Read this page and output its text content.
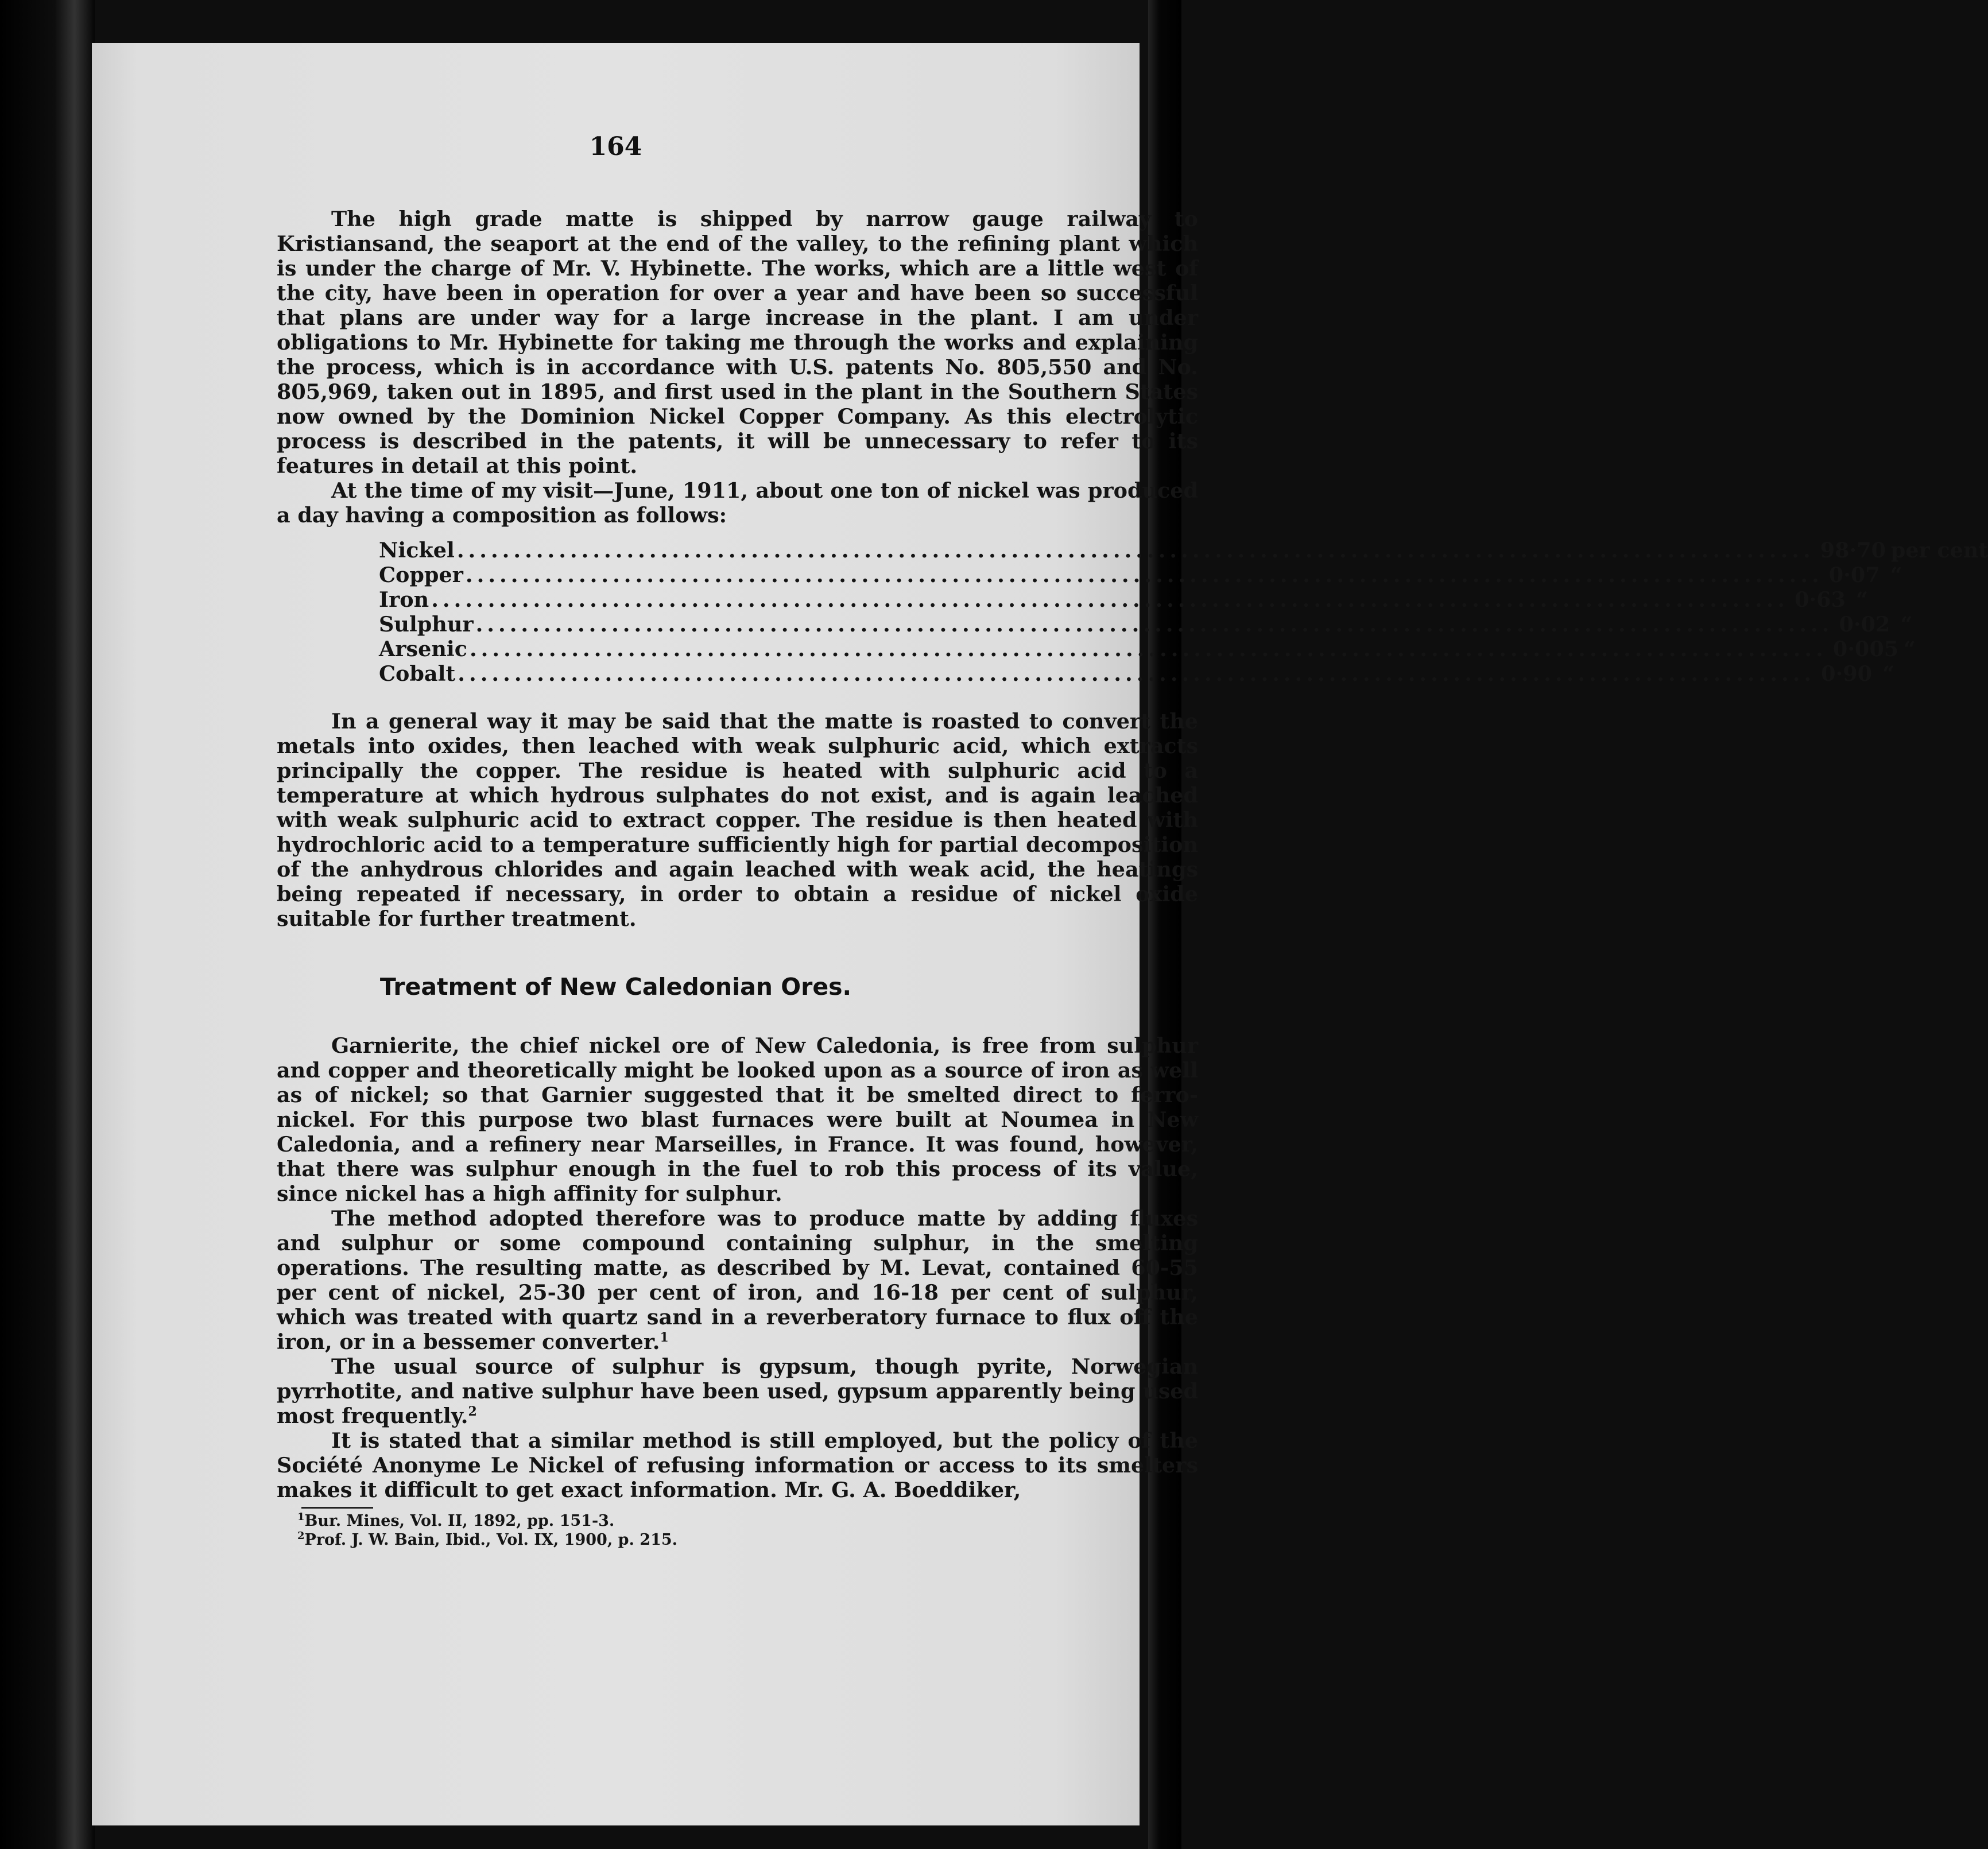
164

The high grade matte is shipped by narrow gauge railway to Kristiansand, the seaport at the end of the valley, to the refining plant which is under the charge of Mr. V. Hybinette. The works, which are a little west of the city, have been in operation for over a year and have been so successful that plans are under way for a large increase in the plant. I am under obligations to Mr. Hybinette for taking me through the works and explaining the process, which is in accordance with U.S. patents No. 805,550 and No. 805,969, taken out in 1895, and first used in the plant in the Southern States now owned by the Dominion Nickel Copper Company. As this electrolytic process is described in the patents, it will be unnecessary to refer to its features in detail at this point.

At the time of my visit—June, 1911, about one ton of nickel was produced a day having a composition as follows:

Nickel ........................................................................................................................ 98·70 per cent
Copper ........................................................................................................................ 0·07 “
Iron ........................................................................................................................ 0·63 “
Sulphur ........................................................................................................................ 0·02 “
Arsenic ........................................................................................................................ 0·005 “
Cobalt ........................................................................................................................ 0·90 “

In a general way it may be said that the matte is roasted to convert the metals into oxides, then leached with weak sulphuric acid, which extracts principally the copper. The residue is heated with sulphuric acid to a temperature at which hydrous sulphates do not exist, and is again leached with weak sulphuric acid to extract copper. The residue is then heated with hydrochloric acid to a temperature sufficiently high for partial decomposition of the anhydrous chlorides and again leached with weak acid, the heatings being repeated if necessary, in order to obtain a residue of nickel oxide suitable for further treatment.

Treatment of New Caledonian Ores.

Garnierite, the chief nickel ore of New Caledonia, is free from sulphur and copper and theoretically might be looked upon as a source of iron as well as of nickel; so that Garnier suggested that it be smelted direct to ferro-nickel. For this purpose two blast furnaces were built at Noumea in New Caledonia, and a refinery near Marseilles, in France. It was found, however, that there was sulphur enough in the fuel to rob this process of its value, since nickel has a high affinity for sulphur.

The method adopted therefore was to produce matte by adding fluxes and sulphur or some compound containing sulphur, in the smelting operations. The resulting matte, as described by M. Levat, contained 60-55 per cent of nickel, 25-30 per cent of iron, and 16-18 per cent of sulphur, which was treated with quartz sand in a reverberatory furnace to flux off the iron, or in a bessemer converter.$^1$

The usual source of sulphur is gypsum, though pyrite, Norwegian pyrrhotite, and native sulphur have been used, gypsum apparently being used most frequently.$^2$

It is stated that a similar method is still employed, but the policy of the Société Anonyme Le Nickel of refusing information or access to its smelters makes it difficult to get exact information. Mr. G. A. Boeddiker,

$^1$Bur. Mines, Vol. II, 1892, pp. 151-3.
$^2$Prof. J. W. Bain, Ibid., Vol. IX, 1900, p. 215.
